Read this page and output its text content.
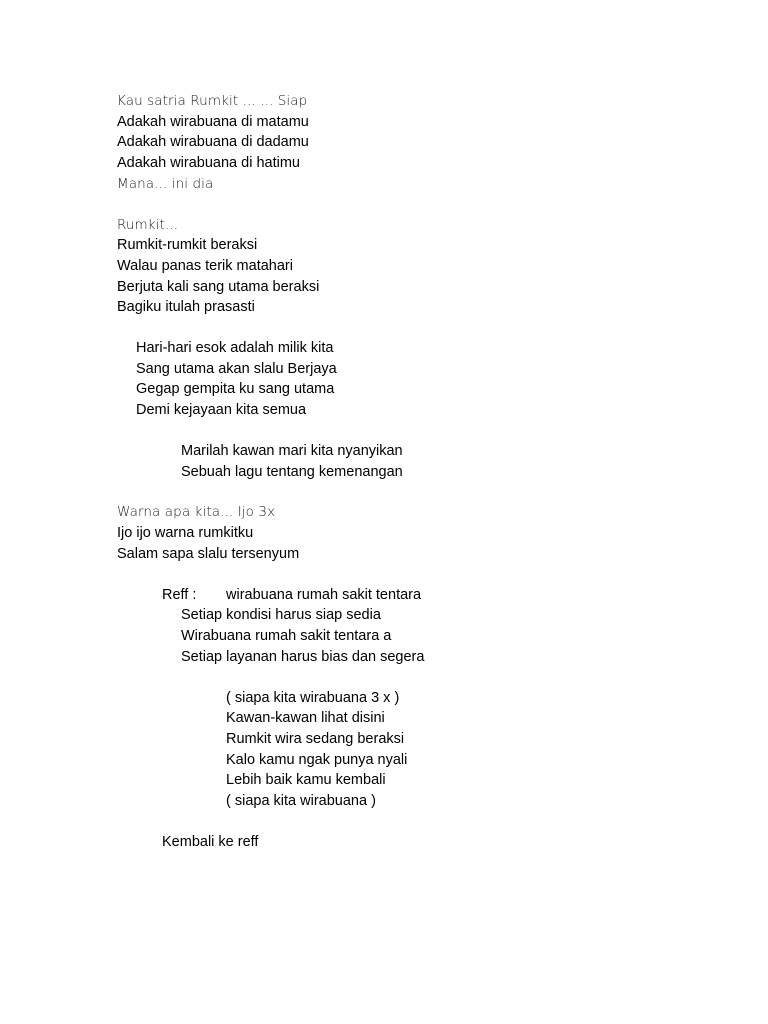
Kau satria Rumkit ... ... Siap
Adakah wirabuana di matamu
Adakah wirabuana di dadamu
Adakah wirabuana di hatimu
Mana... ini dia
Rumkit...
Rumkit-rumkit beraksi
Walau panas terik matahari
Berjuta kali sang utama beraksi
Bagiku itulah prasasti
Hari-hari esok adalah milik kita
Sang utama akan slalu Berjaya
Gegap gempita ku sang utama
Demi kejayaan kita semua
Marilah kawan mari kita nyanyikan
Sebuah lagu tentang kemenangan
Warna apa kita... Ijo 3x
Ijo ijo warna rumkitku
Salam sapa slalu tersenyum
Reff : wirabuana rumah sakit tentara
Setiap kondisi harus siap sedia
Wirabuana rumah sakit tentara a
Setiap layanan harus bias dan segera
( siapa kita wirabuana 3 x )
Kawan-kawan lihat disini
Rumkit wira sedang beraksi
Kalo kamu ngak punya nyali
Lebih baik kamu kembali
( siapa kita wirabuana )
Kembali ke reff
